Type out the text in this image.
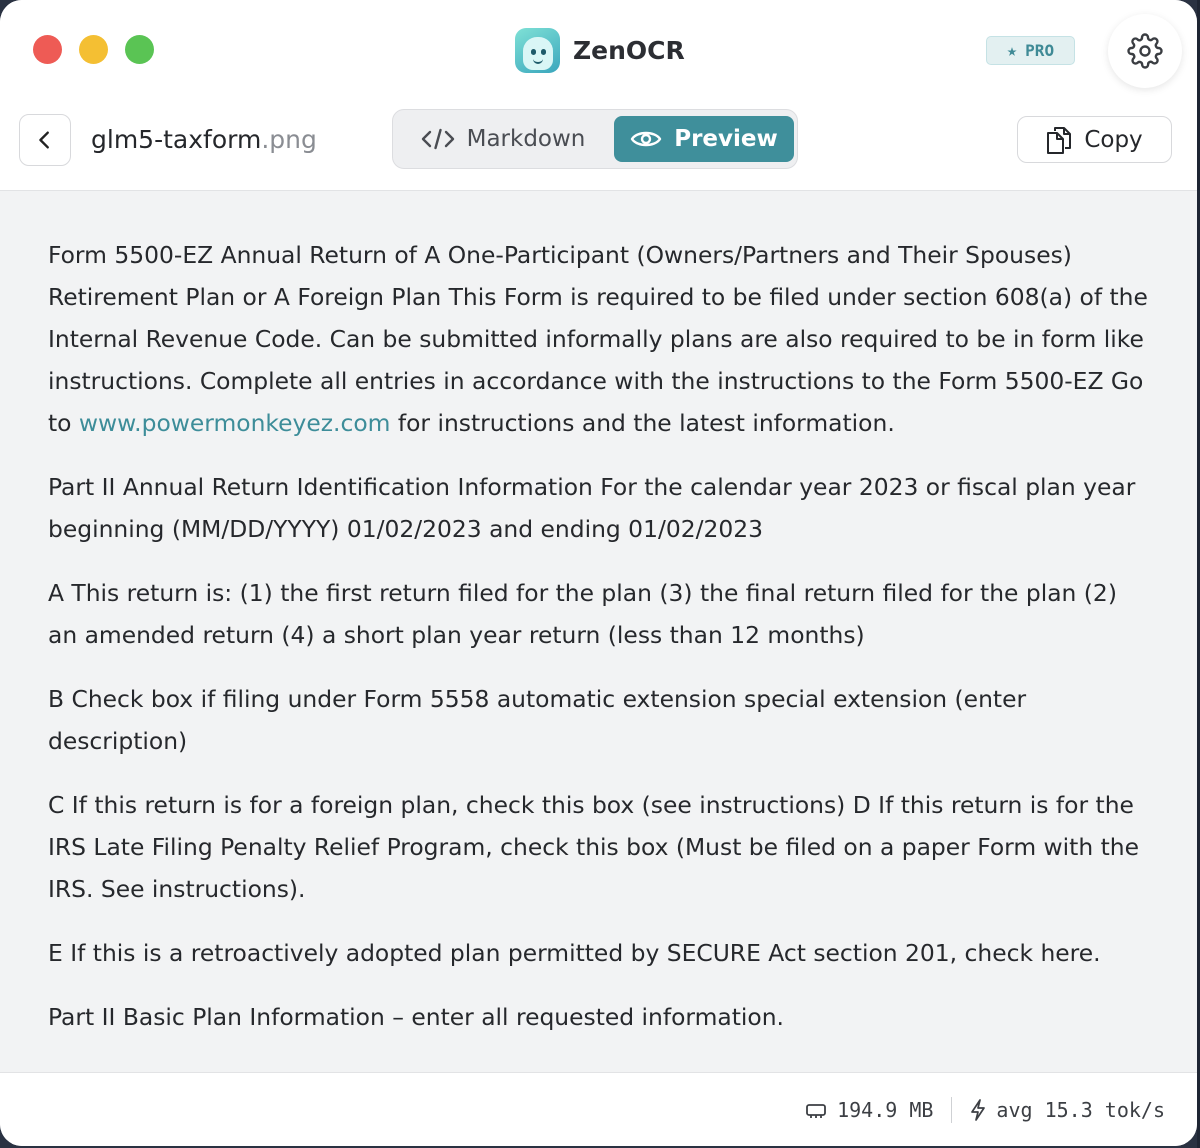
ZenOCR	★ PRO
glm5-taxform.png	Markdown	Preview	Copy

Form 5500-EZ Annual Return of A One-Participant (Owners/Partners and Their Spouses) Retirement Plan or A Foreign Plan This Form is required to be filed under section 608(a) of the Internal Revenue Code. Can be submitted informally plans are also required to be in form like instructions. Complete all entries in accordance with the instructions to the Form 5500-EZ Go to www.powermonkeyez.com for instructions and the latest information.

Part II Annual Return Identification Information For the calendar year 2023 or fiscal plan year beginning (MM/DD/YYYY) 01/02/2023 and ending 01/02/2023

A This return is: (1) the first return filed for the plan (3) the final return filed for the plan (2) an amended return (4) a short plan year return (less than 12 months)

B Check box if filing under Form 5558 automatic extension special extension (enter description)

C If this return is for a foreign plan, check this box (see instructions) D If this return is for the IRS Late Filing Penalty Relief Program, check this box (Must be filed on a paper Form with the IRS. See instructions).

E If this is a retroactively adopted plan permitted by SECURE Act section 201, check here.

Part II Basic Plan Information – enter all requested information.

194.9 MB	avg 15.3 tok/s
